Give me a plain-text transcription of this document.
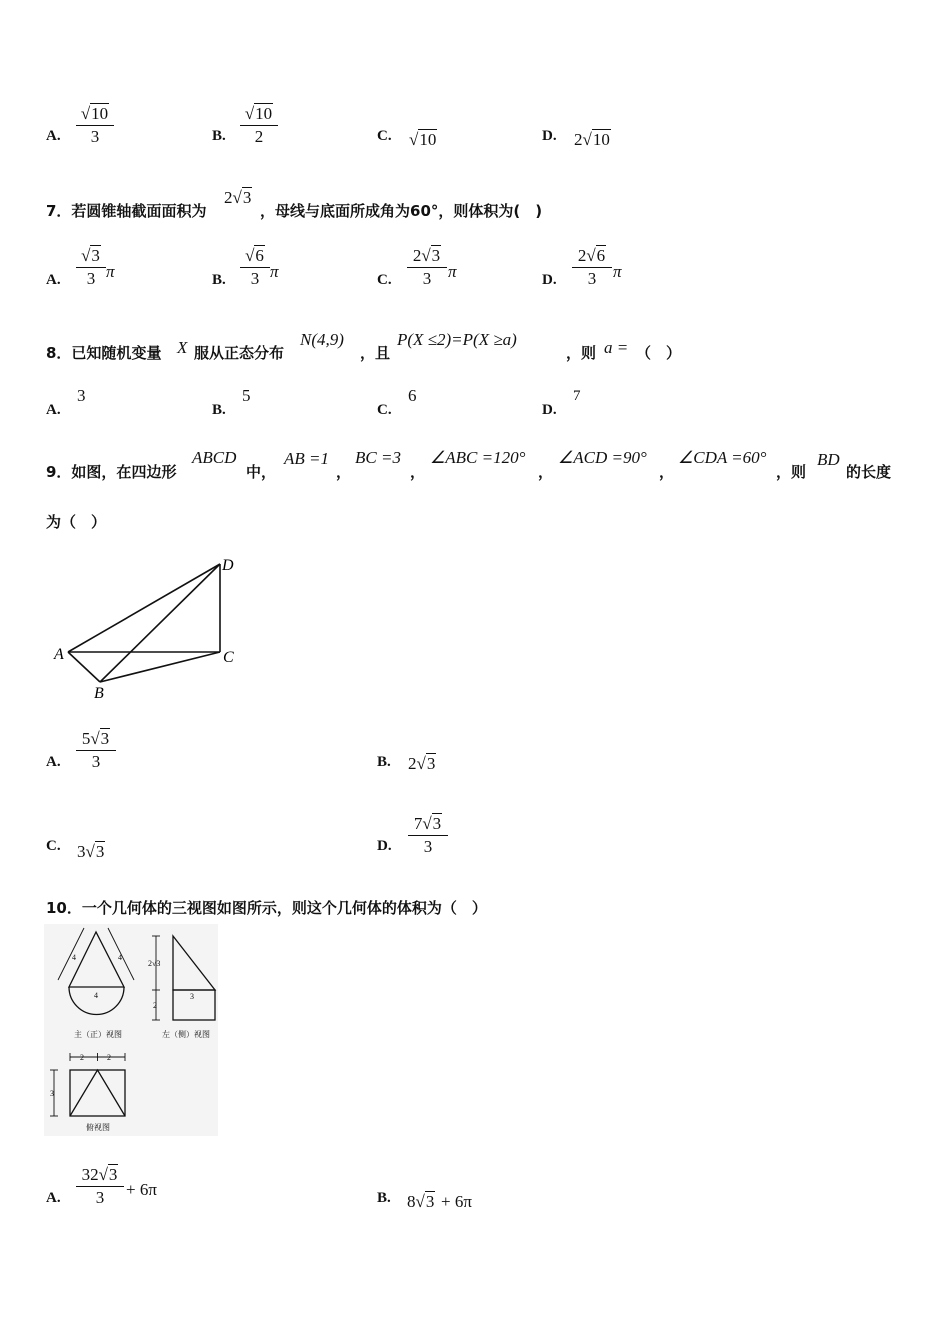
A.
√10
3	B.
√10
2	C. √10	D. 2√10
7．若圆锥轴截面面积为
2√3
，母线与底面所成角为60°，则体积为(　)
A.
√3
3 π	B.
√6
3 π	C.
2√3
3 π	D.
2√6
3 π
8．已知随机变量 X 服从正态分布
N(4,9)
，且
P(X ≤2)=P(X ≥a)
，则 a = （　）
A.
3
B.
5
C.
6
D.
7
9．如图，在四边形
ABCD
中，
AB =1
，
BC =3
，
∠ABC =120°
，
∠ACD =90°
，
∠CDA =60°
，则
BD
的长度
为（　）
A
B
C
D
A.
5√3
3	B. 2√3
C. 3√3	D.
7√3
3
10．一个几何体的三视图如图所示，则这个几何体的体积为（　）
4	4
4
2√3
2
3
2	2
3
主（正）视图	左（侧）视图
俯视图
A.
32√3
3	+ 6π	B. 8√3 + 6π
